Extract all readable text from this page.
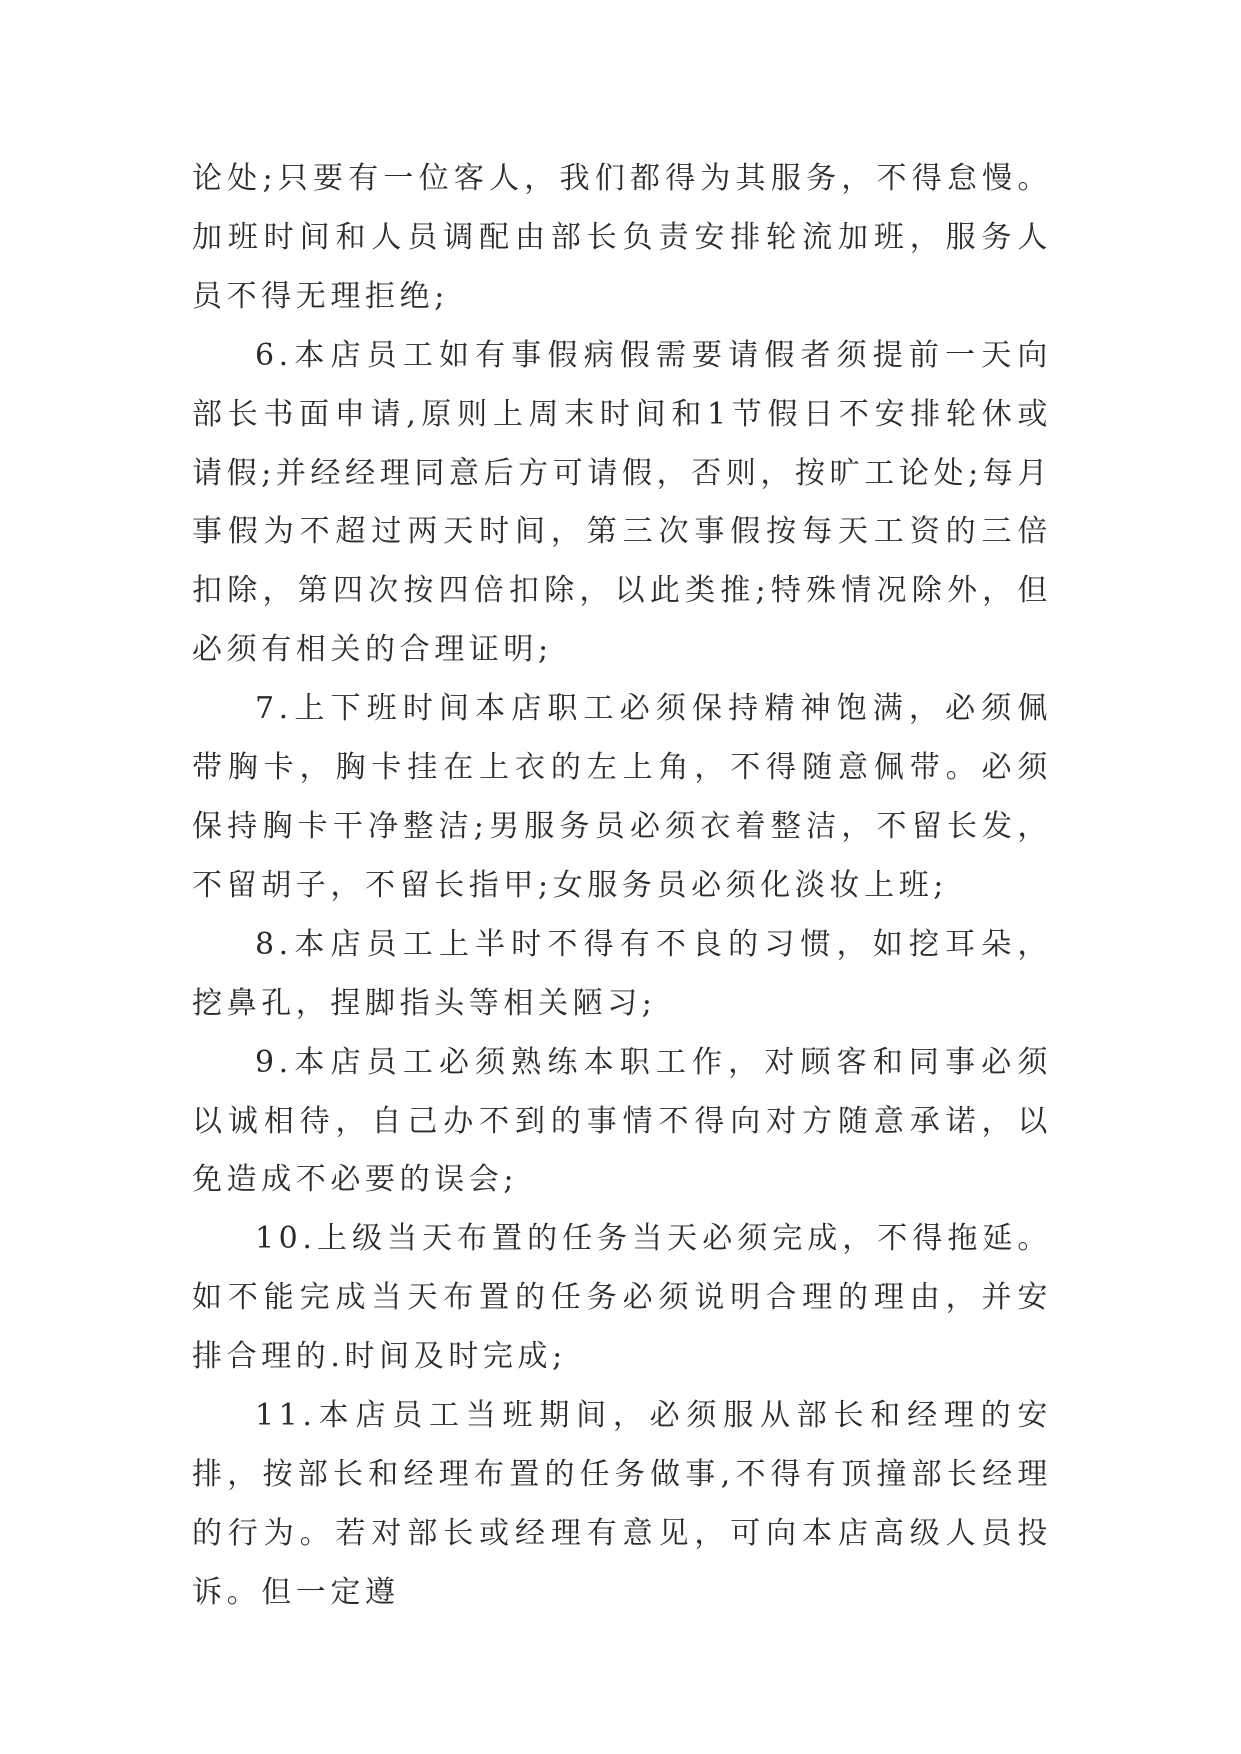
论处;只要有一位客人，我们都得为其服务，不得怠慢。加班时间和人员调配由部长负责安排轮流加班，服务人员不得无理拒绝;

6.本店员工如有事假病假需要请假者须提前一天向部长书面申请,原则上周末时间和1节假日不安排轮休或请假;并经经理同意后方可请假，否则，按旷工论处;每月事假为不超过两天时间，第三次事假按每天工资的三倍扣除，第四次按四倍扣除，以此类推;特殊情况除外，但必须有相关的合理证明;

7.上下班时间本店职工必须保持精神饱满，必须佩带胸卡，胸卡挂在上衣的左上角，不得随意佩带。必须保持胸卡干净整洁;男服务员必须衣着整洁，不留长发，不留胡子，不留长指甲;女服务员必须化淡妆上班;

8.本店员工上半时不得有不良的习惯，如挖耳朵，挖鼻孔，捏脚指头等相关陋习;

9.本店员工必须熟练本职工作，对顾客和同事必须以诚相待，自己办不到的事情不得向对方随意承诺，以免造成不必要的误会;

10.上级当天布置的任务当天必须完成，不得拖延。如不能完成当天布置的任务必须说明合理的理由，并安排合理的.时间及时完成;

11.本店员工当班期间，必须服从部长和经理的安排，按部长和经理布置的任务做事,不得有顶撞部长经理的行为。若对部长或经理有意见，可向本店高级人员投诉。但一定遵
